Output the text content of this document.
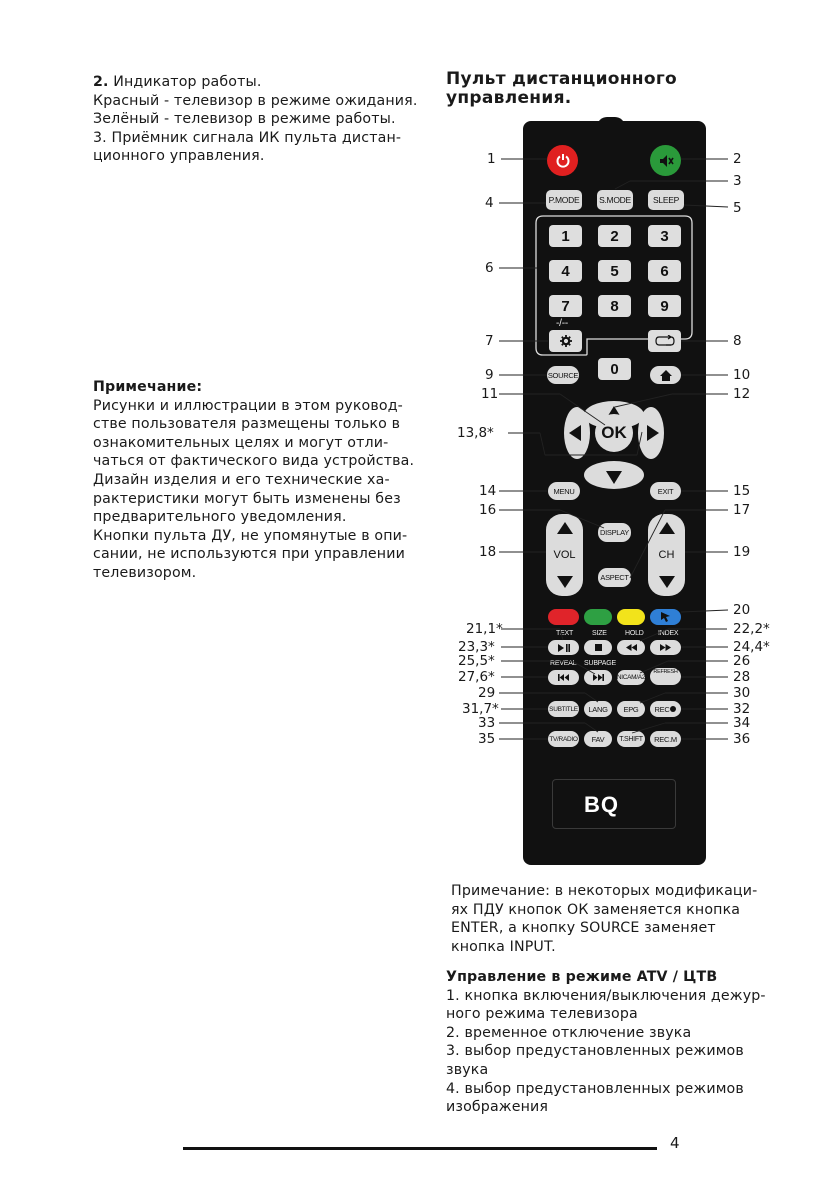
2. Индикатор работы.

Красный - телевизор в режиме ожидания.

Зелёный - телевизор в режиме работы.

3. Приёмник сигнала ИК пульта дистан-

ционного управления.

Примечание:

Рисунки и иллюстрации в этом руковод-

стве пользователя размещены только в

ознакомительных целях и могут отли-

чаться от фактического вида устройства.

Дизайн изделия и его технические ха-

рактеристики могут быть изменены без

предварительного уведомления.

Кнопки пульта ДУ, не упомянутые в опи-

сании, не используются при управлении

телевизором.

Пульт дистанционного
управления.
P.MODE	S.MODE	SLEEP
1	2	3
4	5	6
7	8	9
-/--
0
SOURCE
OK
MENU	EXIT
DISPLAY
ASPECT
VOL	CH
TEXT	SIZE	HOLD INDEX
REVEAL SUBPAGE
NICAM/A2
REFRESH
SUBTITLE	LANG	EPG	REC
TV/RADIO	FAV	T.SHIFT	REC.M
BQ
1
4
6
7
9
11
13,8*
14
16
18
21,1*
23,3*
25,5*
27,6*
29
31,7*
33
35
2
3
5
8
10
12
15
17
19
20
22,2*
24,4*
26
28
30
32
34
36

Примечание: в некоторых модификаци-

ях ПДУ кнопок ОК заменяется кнопка

ENTER, а кнопку SOURCE заменяет

кнопка INPUT.

Управление в режиме ATV / ЦТВ

1. кнопка включения/выключения дежур-

ного режима телевизора

2. временное отключение звука

3. выбор предустановленных режимов

звука

4. выбор предустановленных режимов

изображения

4
